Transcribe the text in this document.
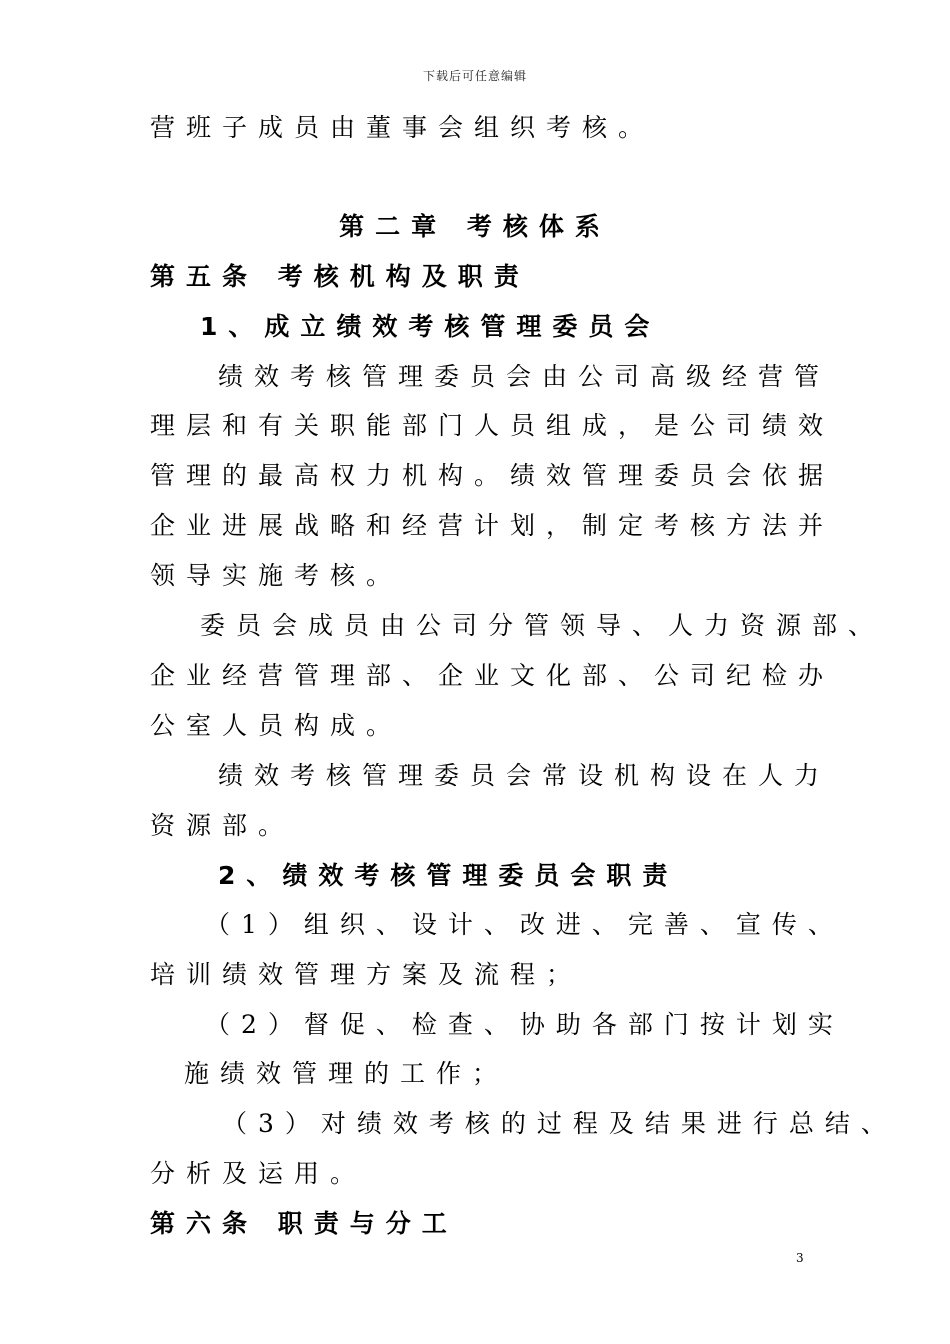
下载后可任意编辑
营班子成员由董事会组织考核。
第二章 考核体系
第五条 考核机构及职责
1、成立绩效考核管理委员会
绩效考核管理委员会由公司高级经营管
理层和有关职能部门人员组成，是公司绩效
管理的最高权力机构。绩效管理委员会依据
企业进展战略和经营计划，制定考核方法并
领导实施考核。
委员会成员由公司分管领导、人力资源部、
企业经营管理部、企业文化部、公司纪检办
公室人员构成。
绩效考核管理委员会常设机构设在人力
资源部。
2、绩效考核管理委员会职责
（1）组织、设计、改进、完善、宣传、
培训绩效管理方案及流程；
（2）督促、检查、协助各部门按计划实
施绩效管理的工作；
（3）对绩效考核的过程及结果进行总结、
分析及运用。
第六条 职责与分工
3
